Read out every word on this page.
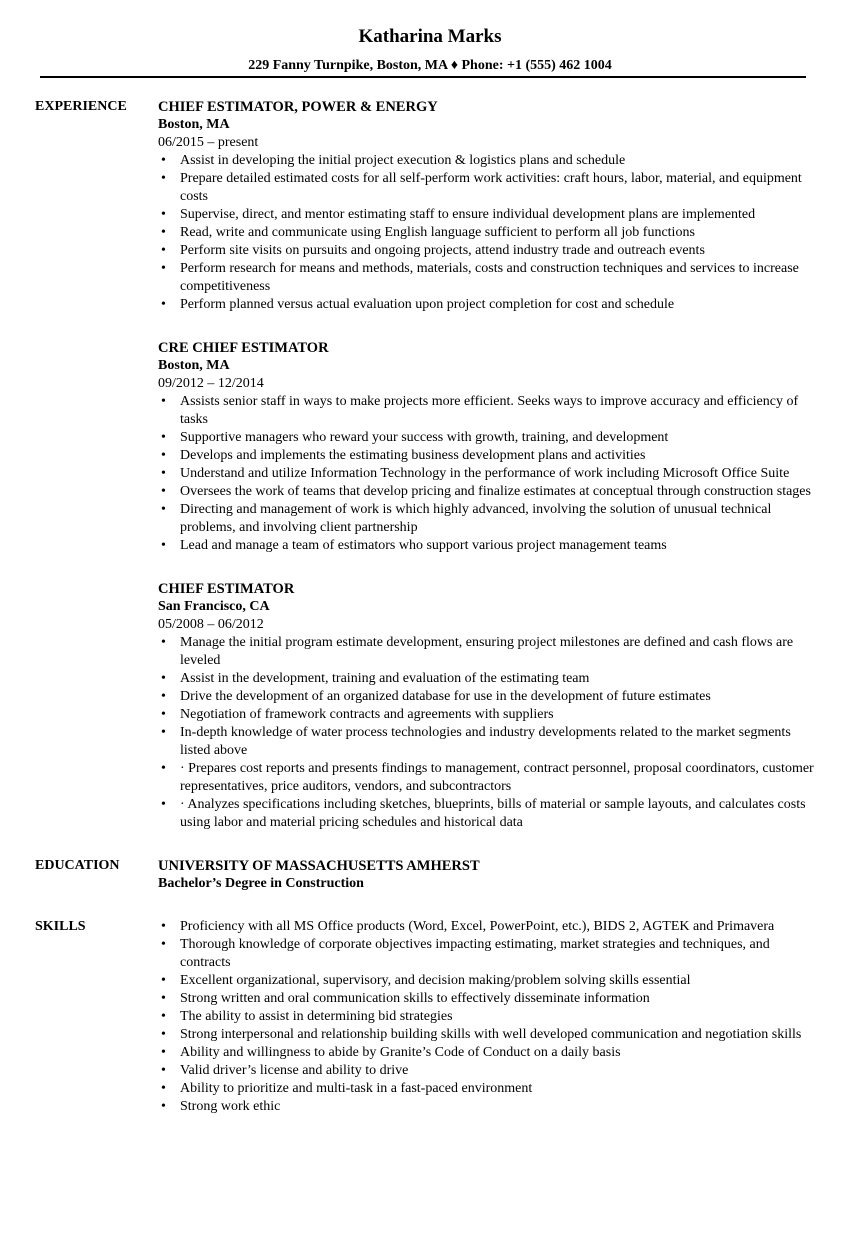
Katharina Marks
229 Fanny Turnpike, Boston, MA ♦ Phone: +1 (555) 462 1004
EXPERIENCE	CHIEF ESTIMATOR, POWER & ENERGY
Boston, MA
06/2015 – present
• Assist in developing the initial project execution & logistics plans and schedule
• Prepare detailed estimated costs for all self-perform work activities: craft hours, labor, material, and equipment costs
• Supervise, direct, and mentor estimating staff to ensure individual development plans are implemented
• Read, write and communicate using English language sufficient to perform all job functions
• Perform site visits on pursuits and ongoing projects, attend industry trade and outreach events
• Perform research for means and methods, materials, costs and construction techniques and services to increase competitiveness
• Perform planned versus actual evaluation upon project completion for cost and schedule
CRE CHIEF ESTIMATOR
Boston, MA
09/2012 – 12/2014
• Assists senior staff in ways to make projects more efficient. Seeks ways to improve accuracy and efficiency of tasks
• Supportive managers who reward your success with growth, training, and development
• Develops and implements the estimating business development plans and activities
• Understand and utilize Information Technology in the performance of work including Microsoft Office Suite
• Oversees the work of teams that develop pricing and finalize estimates at conceptual through construction stages
• Directing and management of work is which highly advanced, involving the solution of unusual technical problems, and involving client partnership
• Lead and manage a team of estimators who support various project management teams
CHIEF ESTIMATOR
San Francisco, CA
05/2008 – 06/2012
• Manage the initial program estimate development, ensuring project milestones are defined and cash flows are leveled
• Assist in the development, training and evaluation of the estimating team
• Drive the development of an organized database for use in the development of future estimates
• Negotiation of framework contracts and agreements with suppliers
• In-depth knowledge of water process technologies and industry developments related to the market segments listed above
• · Prepares cost reports and presents findings to management, contract personnel, proposal coordinators, customer representatives, price auditors, vendors, and subcontractors
• · Analyzes specifications including sketches, blueprints, bills of material or sample layouts, and calculates costs using labor and material pricing schedules and historical data
EDUCATION	UNIVERSITY OF MASSACHUSETTS AMHERST
Bachelor’s Degree in Construction
SKILLS
•	Proficiency with all MS Office products (Word, Excel, PowerPoint, etc.), BIDS 2, AGTEK and Primavera
• Thorough knowledge of corporate objectives impacting estimating, market strategies and techniques, and contracts
• Excellent organizational, supervisory, and decision making/problem solving skills essential
• Strong written and oral communication skills to effectively disseminate information
• The ability to assist in determining bid strategies
• Strong interpersonal and relationship building skills with well developed communication and negotiation skills
• Ability and willingness to abide by Granite’s Code of Conduct on a daily basis
• Valid driver’s license and ability to drive
• Ability to prioritize and multi-task in a fast-paced environment
• Strong work ethic
